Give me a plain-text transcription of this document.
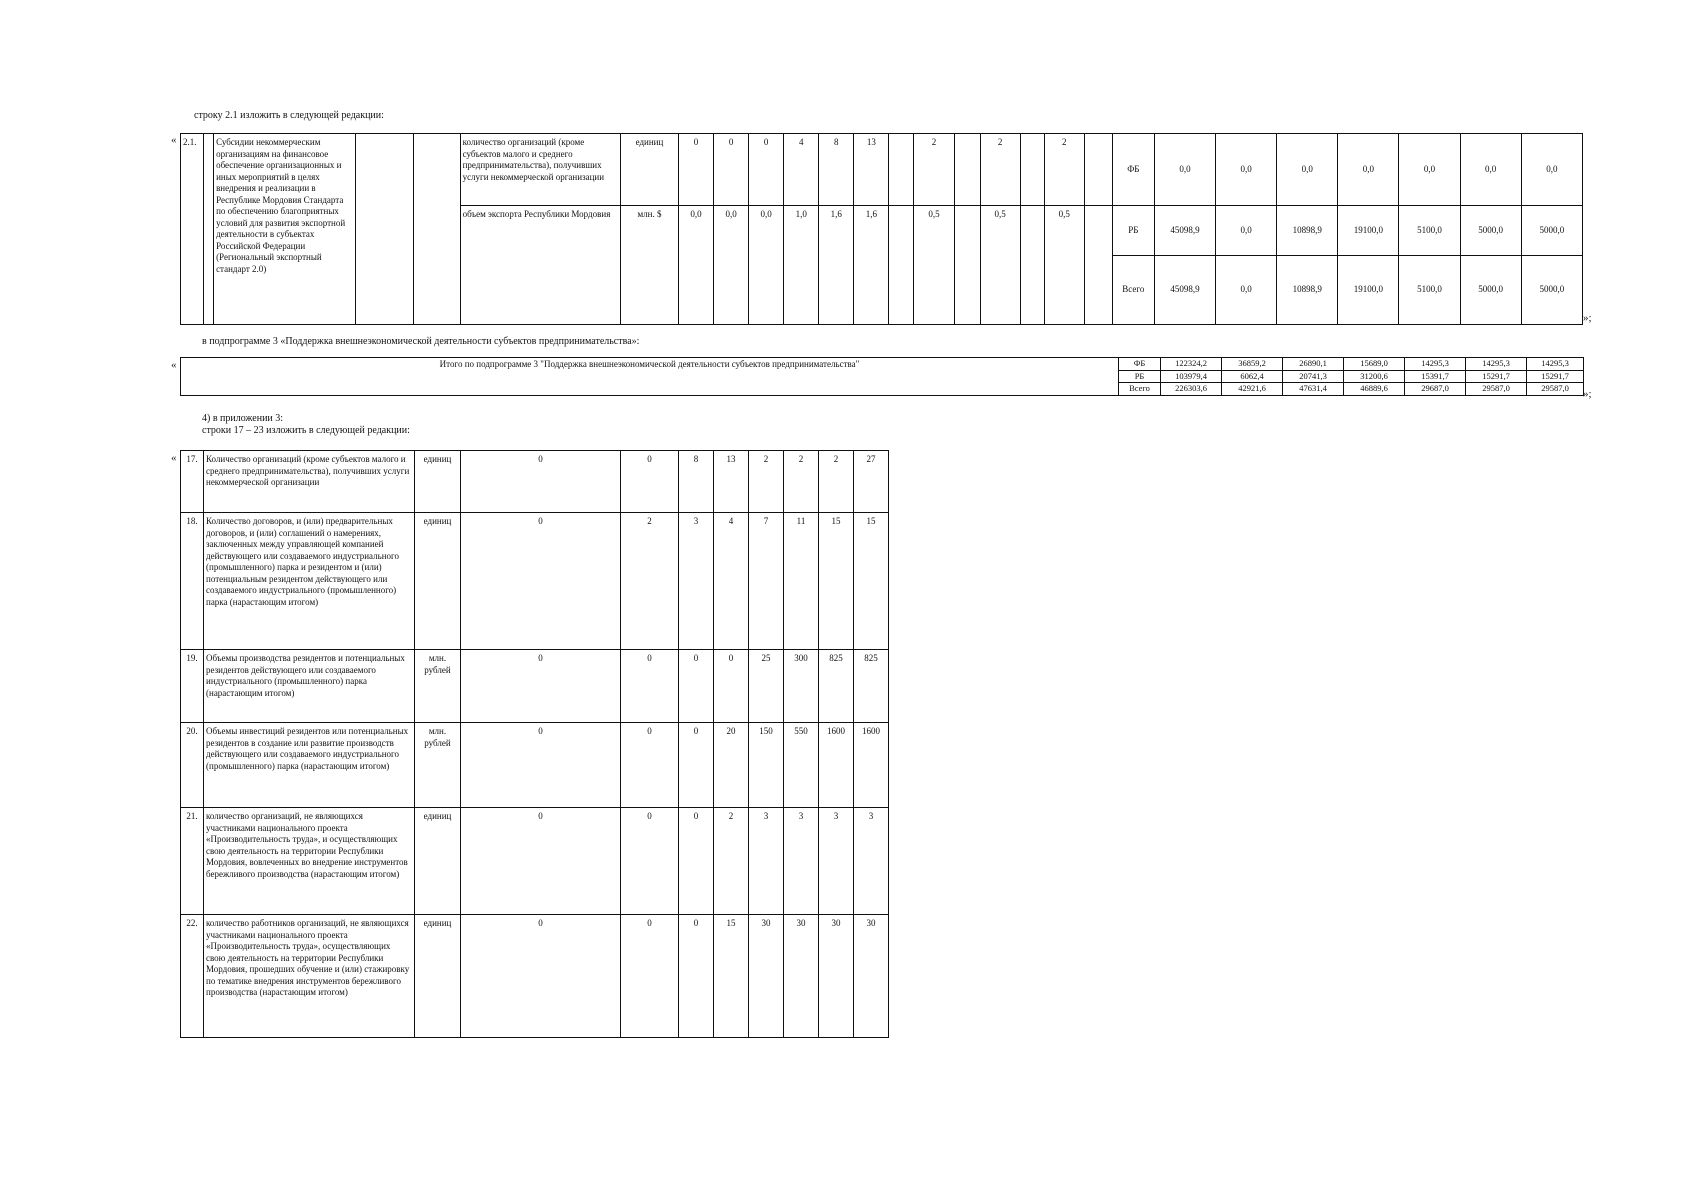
строку 2.1 изложить в следующей редакции:
« 2.1.		Субсидии некоммерческим организациям на финансовое обеспечение организационных и иных мероприятий в целях внедрения и реализации в Республике Мордовия Стандарта по обеспечению благоприятных условий для развития экспортной деятельности в субъектах Российской Федерации (Региональный экспортный стандарт 2.0)			количество организаций (кроме субъектов малого и среднего предпринимательства), получивших услуги некоммерческой организации	единиц	0	0	0	4	8	13		2		2		2		ФБ	0,0	0,0	0,0	0,0	0,0	0,0	0,0
					объем экспорта Республики Мордовия	млн. $	0,0	0,0	0,0	1,0	1,6	1,6		0,5		0,5		0,5		РБ	45098,9	0,0	10898,9	19100,0	5100,0	5000,0	5000,0
																				Всего	45098,9	0,0	10898,9	19100,0	5100,0	5000,0	5000,0
»;
в подпрограмме 3 «Поддержка внешнеэкономической деятельности субъектов предпринимательства»:
«	Итого по подпрограмме 3 "Поддержка внешнеэкономической деятельности субъектов предпринимательства"	ФБ	122324,2	36859,2	26890,1	15689,0	14295,3	14295,3	14295,3
	РБ	103979,4	6062,4	20741,3	31200,6	15391,7	15291,7	15291,7
	Всего	226303,6	42921,6	47631,4	46889,6	29687,0	29587,0	29587,0 »;
4) в приложении 3:
строки 17 – 23 изложить в следующей редакции:
« 17.	Количество организаций (кроме субъектов малого и среднего предпринимательства), получивших услуги некоммерческой организации	единиц	0	0	8	13	2	2	2	27
18.	Количество договоров, и (или) предварительных договоров, и (или) соглашений о намерениях, заключенных между управляющей компанией действующего или создаваемого индустриального (промышленного) парка и резидентом и (или) потенциальным резидентом действующего или создаваемого индустриального (промышленного) парка (нарастающим итогом)	единиц	0	2	3	4	7	11	15	15
19.	Объемы производства резидентов и потенциальных резидентов действующего или создаваемого индустриального (промышленного) парка (нарастающим итогом)	млн. рублей	0	0	0	0	25	300	825	825
20.	Объемы инвестиций резидентов или потенциальных резидентов в создание или развитие производств действующего или создаваемого индустриального (промышленного) парка (нарастающим итогом)	млн. рублей	0	0	0	20	150	550	1600	1600
21.	количество организаций, не являющихся участниками национального проекта «Производительность труда», и осуществляющих свою деятельность на территории Республики Мордовия, вовлеченных во внедрение инструментов бережливого производства (нарастающим итогом)	единиц	0	0	0	2	3	3	3	3
22.	количество работников организаций, не являющихся участниками национального проекта «Производительность труда», осуществляющих свою деятельность на территории Республики Мордовия, прошедших обучение и (или) стажировку по тематике внедрения инструментов бережливого производства (нарастающим итогом)	единиц	0	0	0	15	30	30	30	30
